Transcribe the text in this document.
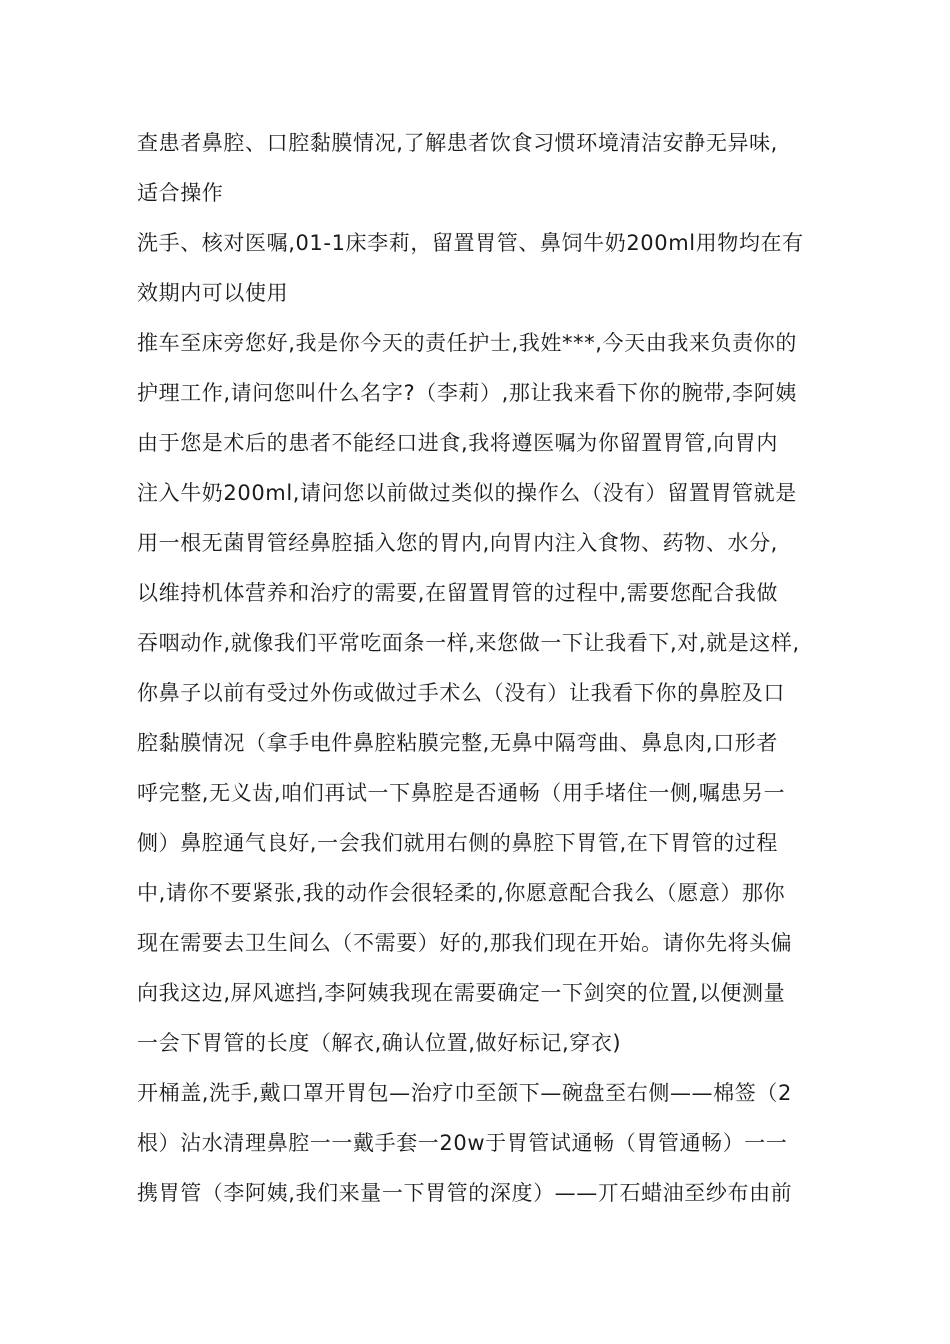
查患者鼻腔、口腔黏膜情况,了解患者饮食习惯环境清洁安静无异味,
适合操作
洗手、核对医嘱,01-1床李莉，留置胃管、鼻饲牛奶200ml用物均在有
效期内可以使用
推车至床旁您好,我是你今天的责任护士,我姓***,今天由我来负责你的
护理工作,请问您叫什么名字?（李莉）,那让我来看下你的腕带,李阿姨
由于您是术后的患者不能经口进食,我将遵医嘱为你留置胃管,向胃内
注入牛奶200ml,请问您以前做过类似的操作么（没有）留置胃管就是
用一根无菌胃管经鼻腔插入您的胃内,向胃内注入食物、药物、水分,
以维持机体营养和治疗的需要,在留置胃管的过程中,需要您配合我做
吞咽动作,就像我们平常吃面条一样,来您做一下让我看下,对,就是这样,
你鼻子以前有受过外伤或做过手术么（没有）让我看下你的鼻腔及口
腔黏膜情况（拿手电件鼻腔粘膜完整,无鼻中隔弯曲、鼻息肉,口形者
呼完整,无义齿,咱们再试一下鼻腔是否通畅（用手堵住一侧,嘱患另一
侧）鼻腔通气良好,一会我们就用右侧的鼻腔下胃管,在下胃管的过程
中,请你不要紧张,我的动作会很轻柔的,你愿意配合我么（愿意）那你
现在需要去卫生间么（不需要）好的,那我们现在开始。请你先将头偏
向我这边,屏风遮挡,李阿姨我现在需要确定一下剑突的位置,以便测量
一会下胃管的长度（解衣,确认位置,做好标记,穿衣)
开桶盖,洗手,戴口罩开胃包—治疗巾至颌下—碗盘至右侧——棉签（2
根）沾水清理鼻腔一一戴手套一20w于胃管试通畅（胃管通畅）一一
携胃管（李阿姨,我们来量一下胃管的深度）——丌石蜡油至纱布由前
